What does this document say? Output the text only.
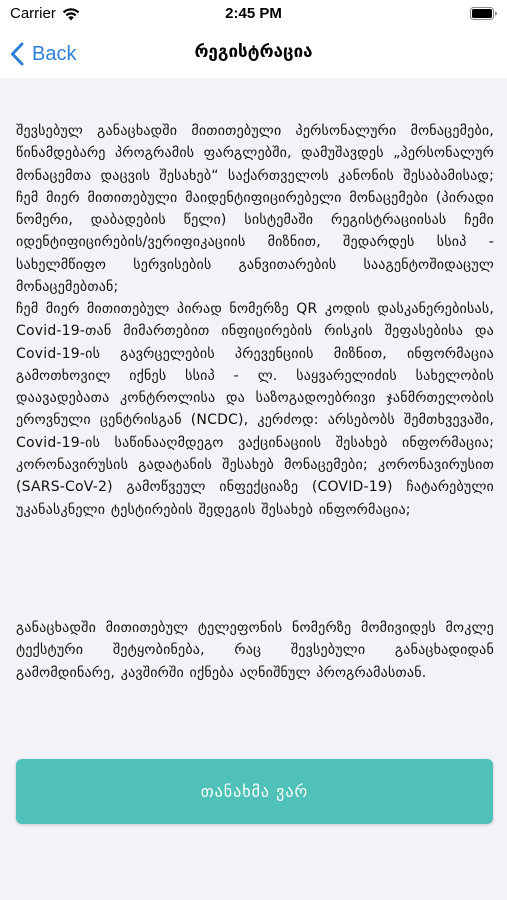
Carrier	2:45 PM
Back	რეგისტრაცია

შევსებულ განაცხადში მითითებული პერსონალური მონაცემები, წინამდებარე პროგრამის ფარგლებში, დამუშავდეს „პერსონალურ მონაცემთა დაცვის შესახებ“ საქართველოს კანონის შესაბამისად; ჩემ მიერ მითითებული მაიდენტიფიცირებელი მონაცემები (პირადი ნომერი, დაბადების წელი) სისტემაში რეგისტრაციისას ჩემი იდენტიფიცირების/ვერიფიკაციის მიზნით, შედარდეს სსიპ - სახელმწიფო სერვისების განვითარების სააგენტოშიდაცულ მონაცემებთან;

ჩემ მიერ მითითებულ პირად ნომერზე QR კოდის დასკანერებისას, Covid-19-თან მიმართებით ინფიცირების რისკის შეფასებისა და Covid-19-ის გავრცელების პრევენციის მიზნით, ინფორმაცია გამოთხოვილ იქნეს სსიპ - ლ. საყვარელიძის სახელობის დაავადებათა კონტროლისა და საზოგადოებრივი ჯანმრთელობის ეროვნული ცენტრისგან (NCDC), კერძოდ: არსებობს შემთხვევაში, Covid-19-ის საწინააღმდეგო ვაქცინაციის შესახებ ინფორმაცია; კორონავირუსის გადატანის შესახებ მონაცემები; კორონავირუსით (SARS-CoV-2) გამოწვეულ ინფექციაზე (COVID-19) ჩატარებული უკანასკნელი ტესტირების შედეგის შესახებ ინფორმაცია;

განაცხადში მითითებულ ტელეფონის ნომერზე მომივიდეს მოკლე ტექსტური შეტყობინება, რაც შევსებული განაცხადიდან გამომდინარე, კავშირში იქნება აღნიშნულ პროგრამასთან.

თანახმა ვარ
